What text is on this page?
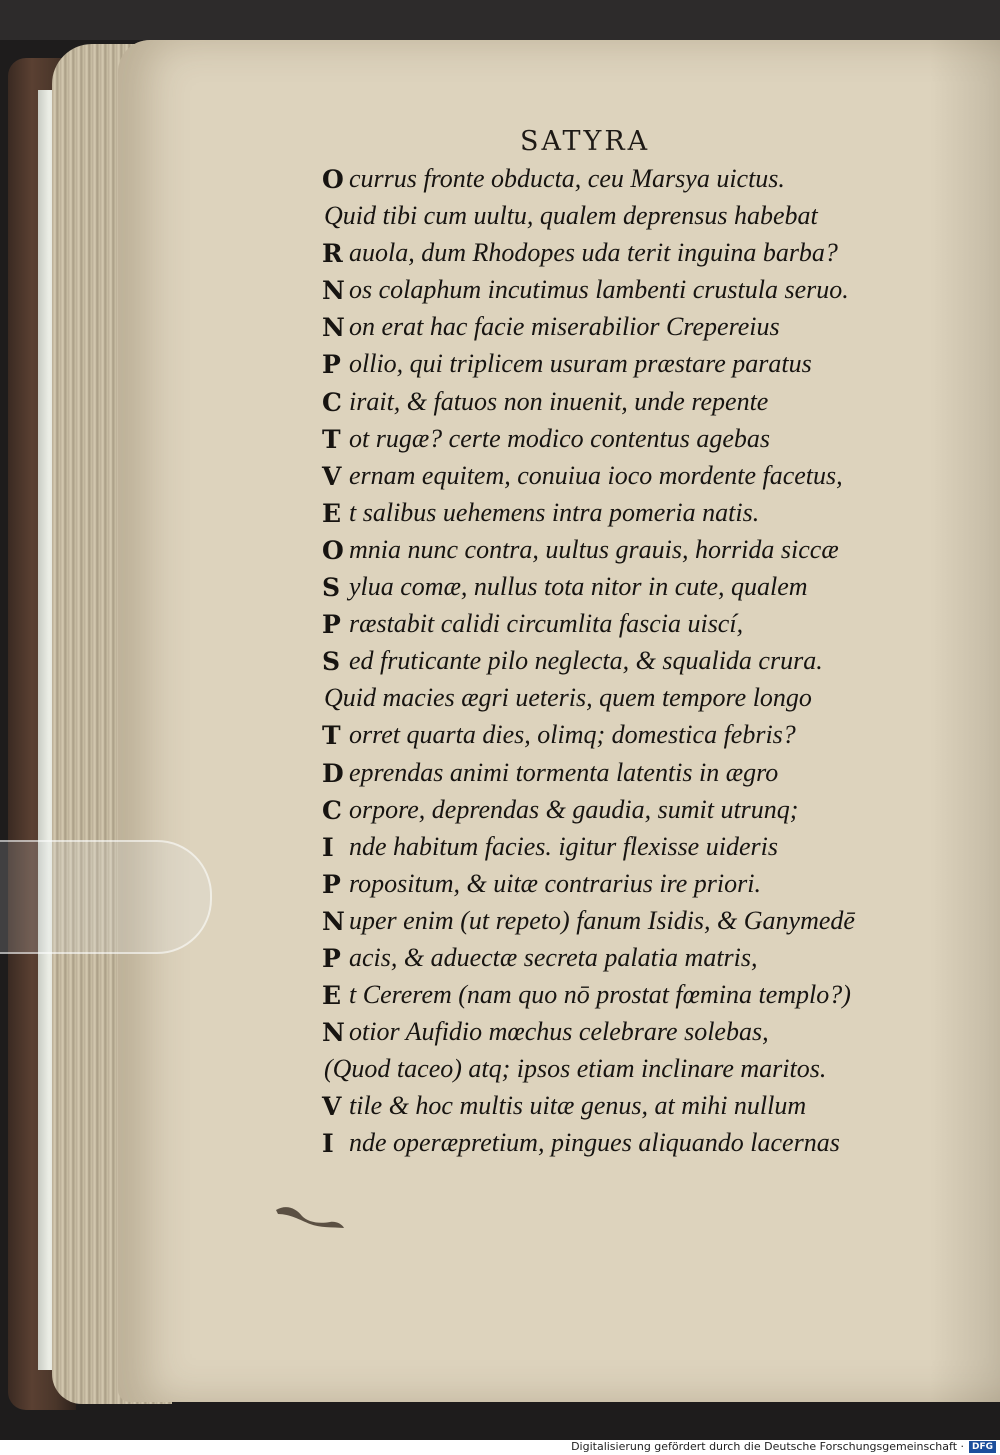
SATYRA
O currus fronte obducta, ceu Marsya uictus.
Quid tibi cum uultu, qualem deprensus habebat
R auola, dum Rhodopes uda terit inguina barba?
N os colaphum incutimus lambenti crustula seruo.
N on erat hac facie miserabilior Crepereius
P ollio, qui triplicem usuram præstare paratus
C irait, & fatuos non inuenit, unde repente
T ot rugæ? certe modico contentus agebas
V ernam equitem, conuiua ioco mordente facetus,
E t salibus uehemens intra pomeria natis.
O mnia nunc contra, uultus grauis, horrida siccæ
S ylua comæ, nullus tota nitor in cute, qualem
P ræstabit calidi circumlita fascia uiscí,
S ed fruticante pilo neglecta, & squalida crura.
Quid macies ægri ueteris, quem tempore longo
T orret quarta dies, olimq; domestica febris?
D eprendas animi tormenta latentis in ægro
C orpore, deprendas & gaudia, sumit utrunq;
I nde habitum facies. igitur flexisse uideris
P ropositum, & uitæ contrarius ire priori.
N uper enim (ut repeto) fanum Isidis, & Ganymedē
P acis, & aduectæ secreta palatia matris,
E t Cererem (nam quo nō prostat fœmina templo?)
N otior Aufidio mœchus celebrare solebas,
(Quod taceo) atq; ipsos etiam inclinare maritos.
V tile & hoc multis uitæ genus, at mihi nullum
I nde operæpretium, pingues aliquando lacernas
Digitalisierung gefördert durch die Deutsche Forschungsgemeinschaft · DFG
